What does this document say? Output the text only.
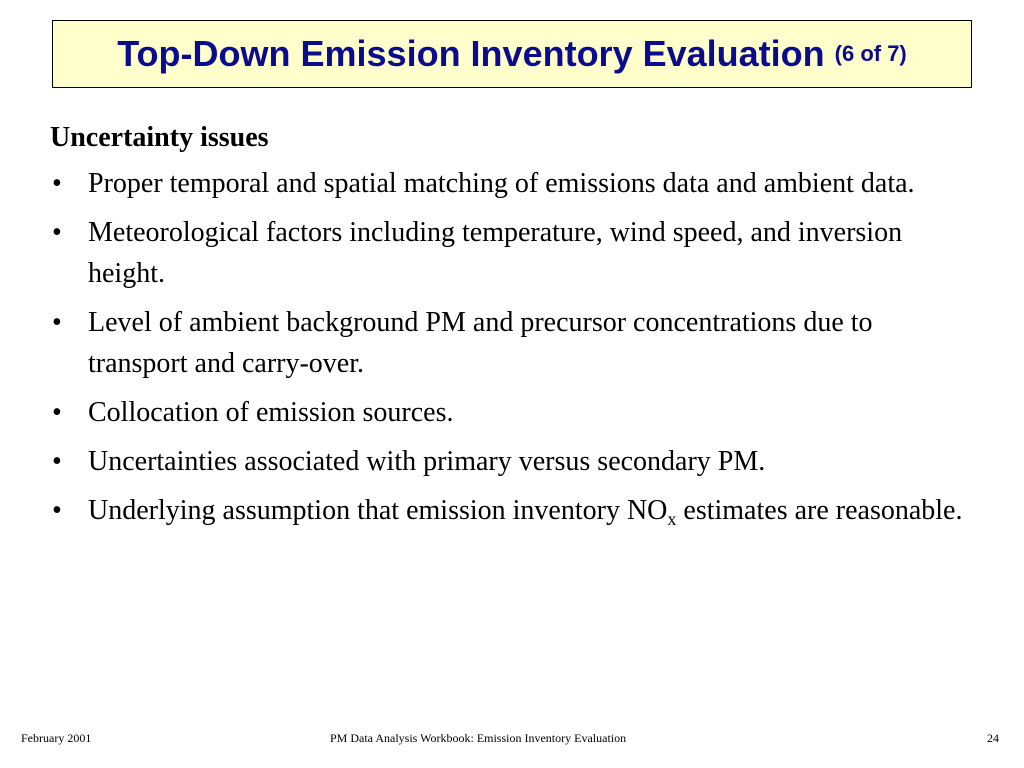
Top-Down Emission Inventory Evaluation (6 of 7)
Uncertainty issues
• Proper temporal and spatial matching of emissions data and ambient data.
• Meteorological factors including temperature, wind speed, and inversion height.
• Level of ambient background PM and precursor concentrations due to transport and carry-over.
• Collocation of emission sources.
• Uncertainties associated with primary versus secondary PM.
• Underlying assumption that emission inventory $NO_x$ estimates are reasonable.
February 2001	PM Data Analysis Workbook: Emission Inventory Evaluation	24
